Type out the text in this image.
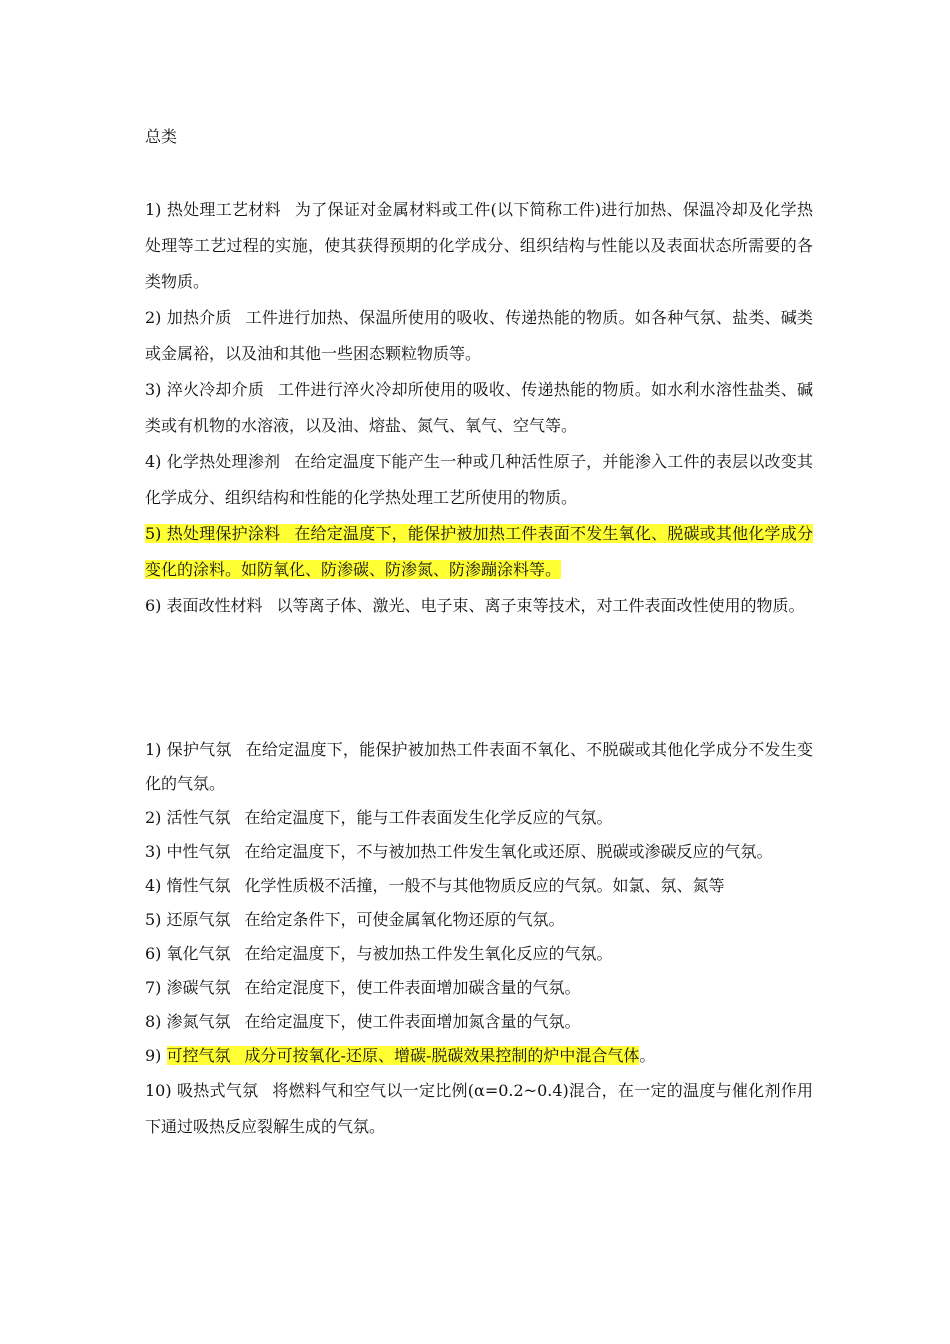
总类

1) 热处理工艺材料 为了保证对金属材料或工件(以下简称工件)进行加热、保温冷却及化学热处理等工艺过程的实施，使其获得预期的化学成分、组织结构与性能以及表面状态所需要的各类物质。

2) 加热介质 工件进行加热、保温所使用的吸收、传递热能的物质。如各种气氛、盐类、碱类或金属裕，以及油和其他一些困态颗粒物质等。

3) 淬火冷却介质 工件进行淬火冷却所使用的吸收、传递热能的物质。如水利水溶性盐类、碱类或有机物的水溶液，以及油、熔盐、氮气、氧气、空气等。

4) 化学热处理渗剂 在给定温度下能产生一种或几种活性原子，并能渗入工件的表层以改变其化学成分、组织结构和性能的化学热处理工艺所使用的物质。

5) 热处理保护涂料 在给定温度下，能保护被加热工件表面不发生氧化、脱碳或其他化学成分变化的涂料。如防氧化、防渗碳、防渗氮、防渗蹦涂料等。

6) 表面改性材料 以等离子体、激光、电子束、离子束等技术，对工件表面改性使用的物质。

1) 保护气氛 在给定温度下，能保护被加热工件表面不氧化、不脱碳或其他化学成分不发生变化的气氛。

2) 活性气氛 在给定温度下，能与工件表面发生化学反应的气氛。

3) 中性气氛 在给定温度下，不与被加热工件发生氧化或还原、脱碳或渗碳反应的气氛。

4) 惰性气氛 化学性质极不活撞，一般不与其他物质反应的气氛。如氯、氛、氮等

5) 还原气氛 在给定条件下，可使金属氧化物还原的气氛。

6) 氧化气氛 在给定温度下，与被加热工件发生氧化反应的气氛。

7) 渗碳气氛 在给定混度下，使工件表面增加碳含量的气氛。

8) 渗氮气氛 在给定温度下，使工件表面增加氮含量的气氛。

9) 可控气氛 成分可按氧化-还原、增碳-脱碳效果控制的炉中混合气体。

10) 吸热式气氛 将燃料气和空气以一定比例(α=0.2~0.4)混合，在一定的温度与催化剂作用下通过吸热反应裂解生成的气氛。
